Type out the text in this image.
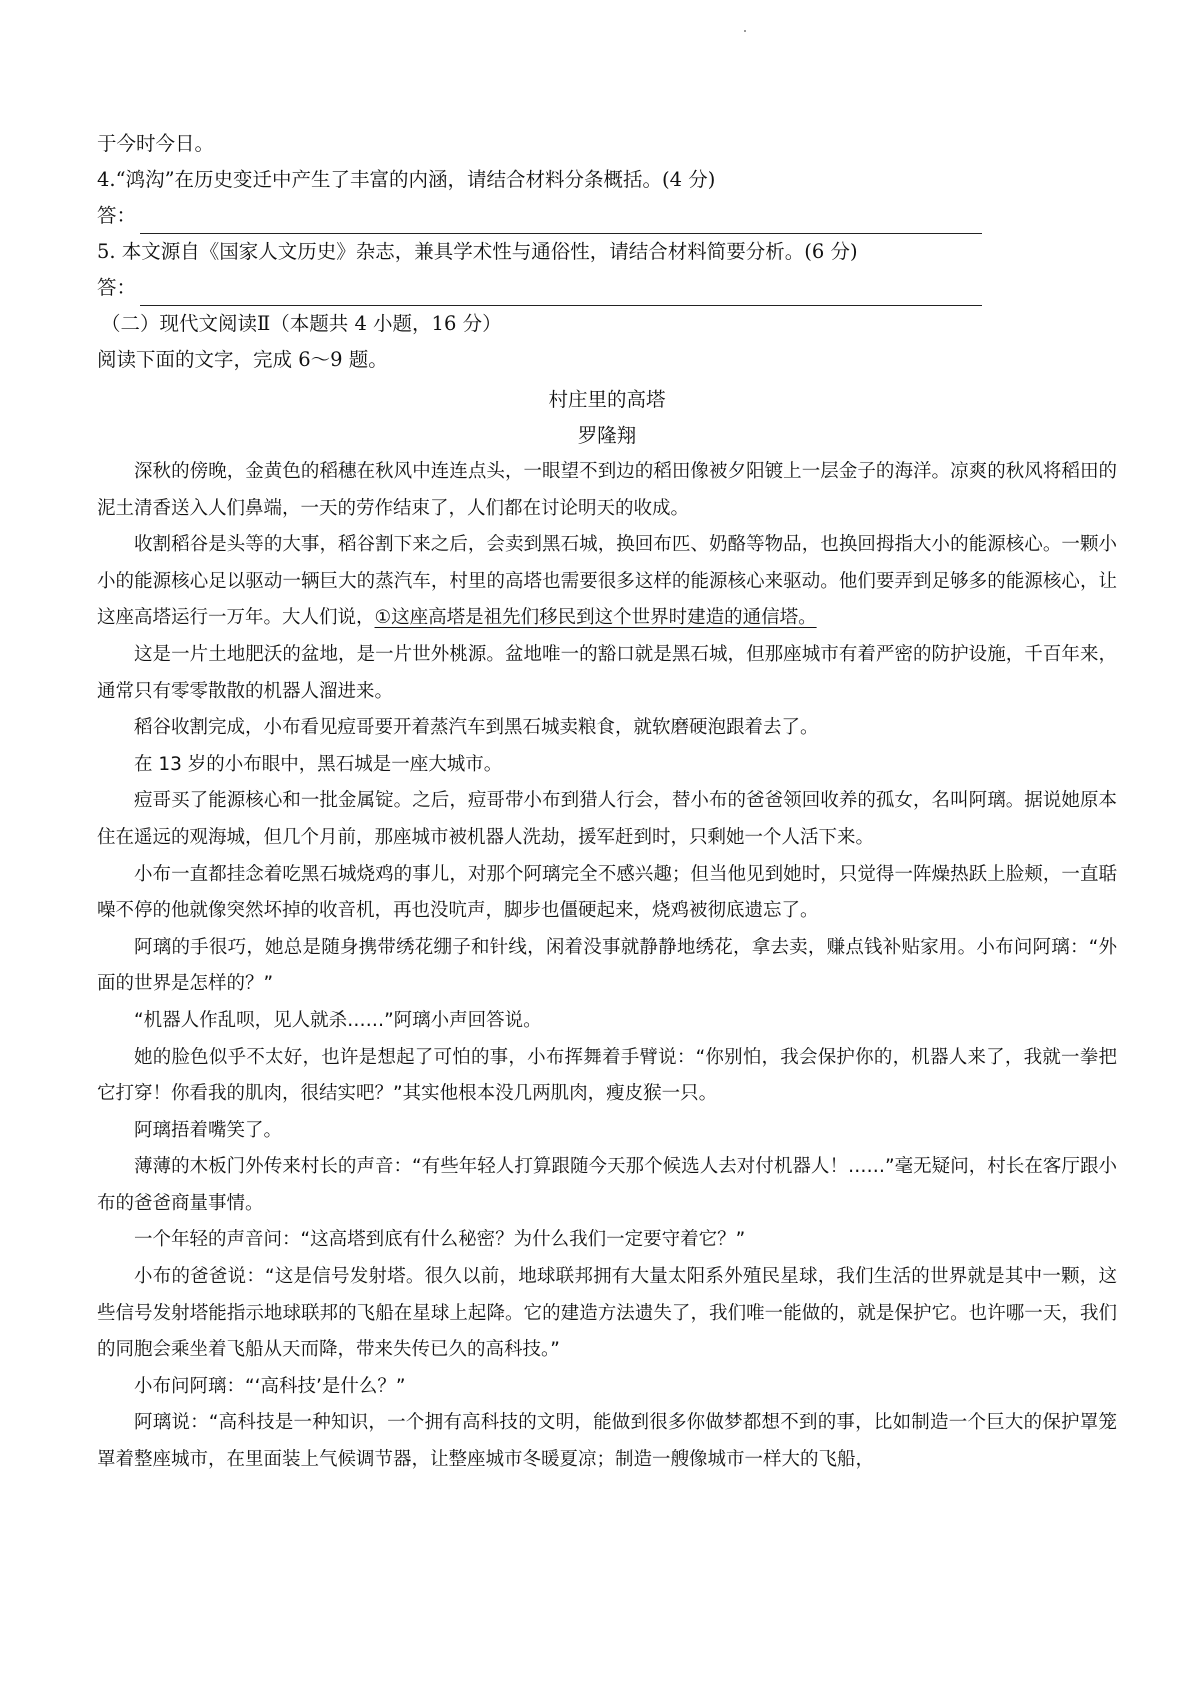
于今时今日。
4.“鸿沟”在历史变迁中产生了丰富的内涵，请结合材料分条概括。(4 分)
答：
5. 本文源自《国家人文历史》杂志，兼具学术性与通俗性，请结合材料简要分析。(6 分)
答：
（二）现代文阅读Ⅱ（本题共 4 小题，16 分）
阅读下面的文字，完成 6～9 题。
村庄里的高塔
罗隆翔

深秋的傍晚，金黄色的稻穗在秋风中连连点头，一眼望不到边的稻田像被夕阳镀上一层金子的海洋。凉爽的秋风将稻田的泥土清香送入人们鼻端，一天的劳作结束了，人们都在讨论明天的收成。

收割稻谷是头等的大事，稻谷割下来之后，会卖到黑石城，换回布匹、奶酪等物品，也换回拇指大小的能源核心。一颗小小的能源核心足以驱动一辆巨大的蒸汽车，村里的高塔也需要很多这样的能源核心来驱动。他们要弄到足够多的能源核心，让这座高塔运行一万年。大人们说，①这座高塔是祖先们移民到这个世界时建造的通信塔。

这是一片土地肥沃的盆地，是一片世外桃源。盆地唯一的豁口就是黑石城，但那座城市有着严密的防护设施，千百年来，通常只有零零散散的机器人溜进来。

稻谷收割完成，小布看见痘哥要开着蒸汽车到黑石城卖粮食，就软磨硬泡跟着去了。

在 13 岁的小布眼中，黑石城是一座大城市。

痘哥买了能源核心和一批金属锭。之后，痘哥带小布到猎人行会，替小布的爸爸领回收养的孤女，名叫阿璃。据说她原本住在遥远的观海城，但几个月前，那座城市被机器人洗劫，援军赶到时，只剩她一个人活下来。

小布一直都挂念着吃黑石城烧鸡的事儿，对那个阿璃完全不感兴趣；但当他见到她时，只觉得一阵燥热跃上脸颊，一直聒噪不停的他就像突然坏掉的收音机，再也没吭声，脚步也僵硬起来，烧鸡被彻底遗忘了。

阿璃的手很巧，她总是随身携带绣花绷子和针线，闲着没事就静静地绣花，拿去卖，赚点钱补贴家用。小布问阿璃：“外面的世界是怎样的？”

“机器人作乱呗，见人就杀……”阿璃小声回答说。

她的脸色似乎不太好，也许是想起了可怕的事，小布挥舞着手臂说：“你别怕，我会保护你的，机器人来了，我就一拳把它打穿！你看我的肌肉，很结实吧？”其实他根本没几两肌肉，瘦皮猴一只。

阿璃捂着嘴笑了。

薄薄的木板门外传来村长的声音：“有些年轻人打算跟随今天那个候选人去对付机器人！……”毫无疑问，村长在客厅跟小布的爸爸商量事情。

一个年轻的声音问：“这高塔到底有什么秘密？为什么我们一定要守着它？”

小布的爸爸说：“这是信号发射塔。很久以前，地球联邦拥有大量太阳系外殖民星球，我们生活的世界就是其中一颗，这些信号发射塔能指示地球联邦的飞船在星球上起降。它的建造方法遗失了，我们唯一能做的，就是保护它。也许哪一天，我们的同胞会乘坐着飞船从天而降，带来失传已久的高科技。”

小布问阿璃：“‘高科技’是什么？”

阿璃说：“高科技是一种知识，一个拥有高科技的文明，能做到很多你做梦都想不到的事，比如制造一个巨大的保护罩笼罩着整座城市，在里面装上气候调节器，让整座城市冬暖夏凉；制造一艘像城市一样大的飞船，
